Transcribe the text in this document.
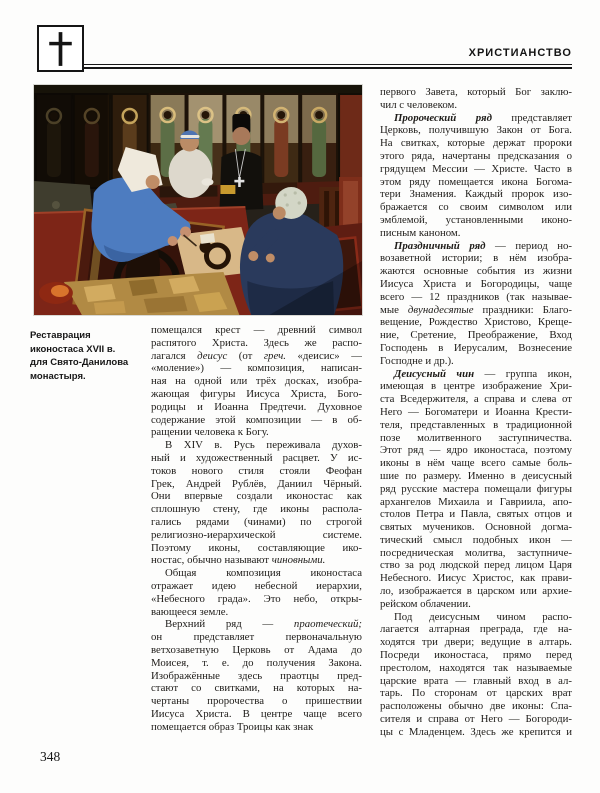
ХРИСТИАНСТВО
Реставрация
иконостаса XVII в.
для Свято-Данилова
монастыря.
помещался крест — древний символ
распятого Христа. Здесь же распо-
лагался деисус (от греч. «деисис» —
«моление») — композиция, написан-
ная на одной или трёх досках, изобра-
жающая фигуры Иисуса Христа, Бого-
родицы и Иоанна Предтечи. Духовное
содержание этой композиции — в об-
ращении человека к Богу.
В XIV в. Русь переживала духов-
ный и художественный расцвет. У ис-
токов нового стиля стояли Феофан
Грек, Андрей Рублёв, Даниил Чёрный.
Они впервые создали иконостас как
сплошную стену, где иконы распола-
гались рядами (чинами) по строгой
религиозно-иерархической системе.
Поэтому иконы, составляющие ико-
ностас, обычно называют чиновными.
Общая композиция иконостаса
отражает идею небесной иерархии,
«Небесного града». Это небо, откры-
вающееся земле.
Верхний ряд — праотеческий;
он представляет первоначальную
ветхозаветную Церковь от Адама до
Моисея, т. е. до получения Закона.
Изображённые здесь праотцы пред-
стают со свитками, на которых на-
чертаны пророчества о пришествии
Иисуса Христа. В центре чаще всего
помещается образ Троицы как знак
первого Завета, который Бог заклю-
чил с человеком.
Пророческий ряд представляет
Церковь, получившую Закон от Бога.
На свитках, которые держат пророки
этого ряда, начертаны предсказания о
грядущем Мессии — Христе. Часто в
этом ряду помещается икона Богома-
тери Знамения. Каждый пророк изо-
бражается со своим символом или
эмблемой, установленными иконо-
писным каноном.
Праздничный ряд — период но-
возаветной истории; в нём изобра-
жаются основные события из жизни
Иисуса Христа и Богородицы, чаще
всего — 12 праздников (так называе-
мые двунадесятые праздники: Благо-
вещение, Рождество Христово, Креще-
ние, Сретение, Преображение, Вход
Господень в Иерусалим, Вознесение
Господне и др.).
Деисусный чин — группа икон,
имеющая в центре изображение Хри-
ста Вседержителя, а справа и слева от
Него — Богоматери и Иоанна Крести-
теля, представленных в традиционной
позе молитвенного заступничества.
Этот ряд — ядро иконостаса, поэтому
иконы в нём чаще всего самые боль-
шие по размеру. Именно в деисусный
ряд русские мастера помещали фигуры
архангелов Михаила и Гавриила, апо-
столов Петра и Павла, святых отцов и
святых мучеников. Основной догма-
тический смысл подобных икон —
посредническая молитва, заступниче-
ство за род людской перед лицом Царя
Небесного. Иисус Христос, как прави-
ло, изображается в царском или архие-
рейском облачении.
Под деисусным чином распо-
лагается алтарная преграда, где на-
ходятся три двери; ведущие в алтарь.
Посреди иконостаса, прямо перед
престолом, находятся так называемые
царские врата — главный вход в ал-
тарь. По сторонам от царских врат
расположены обычно две иконы: Спа-
сителя и справа от Него — Богороди-
цы с Младенцем. Здесь же крепится и
348
